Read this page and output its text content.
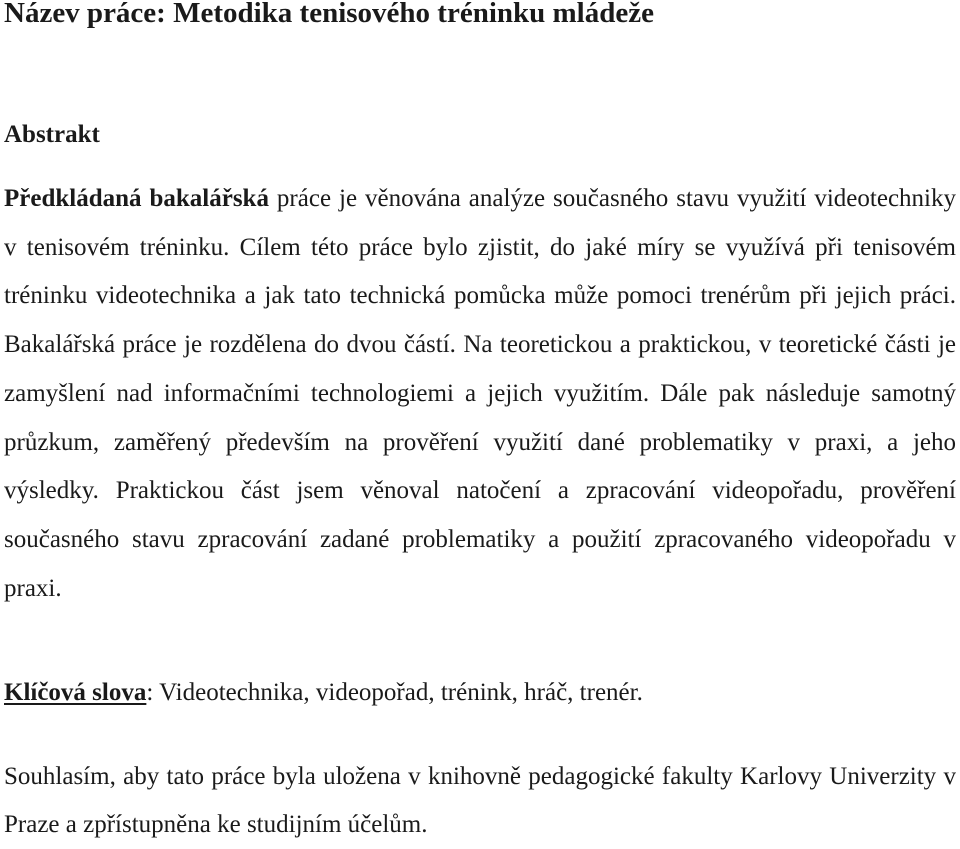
Název práce: Metodika tenisového tréninku mládeže
Abstrakt

Předkládaná bakalářská práce je věnována analýze současného stavu využití videotechniky v tenisovém tréninku. Cílem této práce bylo zjistit, do jaké míry se využívá při tenisovém tréninku videotechnika a jak tato technická pomůcka může pomoci trenérům při jejich práci. Bakalářská práce je rozdělena do dvou částí. Na teoretickou a praktickou, v teoretické části je zamyšlení nad informačními technologiemi a jejich využitím. Dále pak následuje samotný průzkum, zaměřený především na prověření využití dané problematiky v praxi, a jeho výsledky. Praktickou část jsem věnoval natočení a zpracování videopořadu, prověření současného stavu zpracování zadané problematiky a použití zpracovaného videopořadu v praxi.

Klíčová slova: Videotechnika, videopořad, trénink, hráč, trenér.

Souhlasím, aby tato práce byla uložena v knihovně pedagogické fakulty Karlovy Univerzity v Praze a zpřístupněna ke studijním účelům.
